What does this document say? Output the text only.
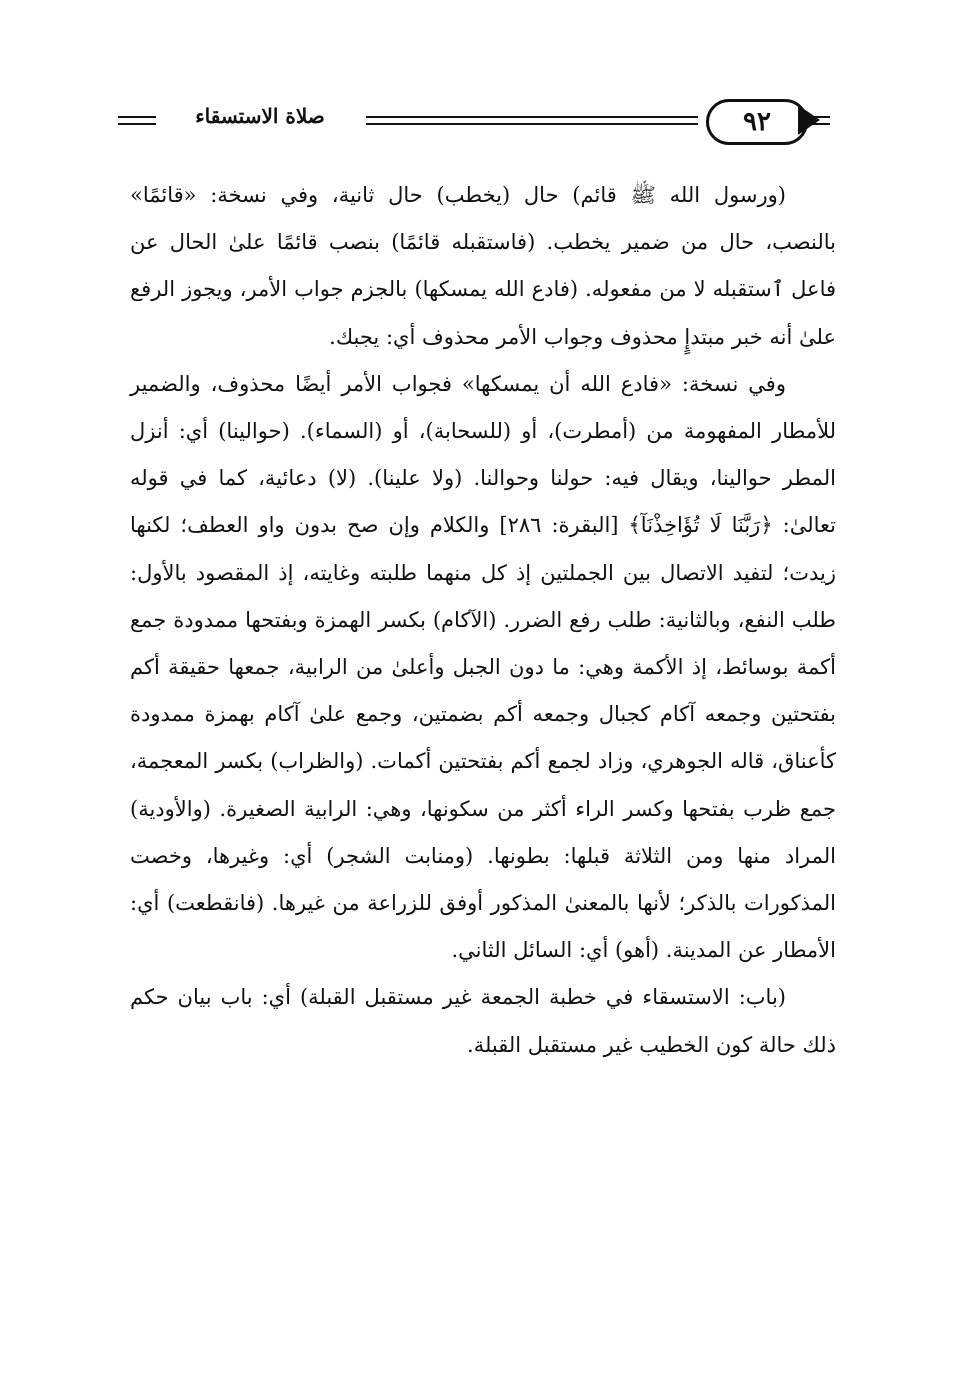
صلاة الاستسقاء	٩٢

(ورسول الله ﷺ قائم) حال (يخطب) حال ثانية، وفي نسخة: «قائمًا» بالنصب، حال من ضمير يخطب. (فاستقبله قائمًا) بنصب قائمًا علىٰ الحال عن فاعل ٱستقبله لا من مفعوله. (فادع الله يمسكها) بالجزم جواب الأمر، ويجوز الرفع علىٰ أنه خبر مبتدإٍ محذوف وجواب الأمر محذوف أي: يجبك.

وفي نسخة: «فادع الله أن يمسكها» فجواب الأمر أيضًا محذوف، والضمير للأمطار المفهومة من (أمطرت)، أو (للسحابة)، أو (السماء). (حوالينا) أي: أنزل المطر حوالينا، ويقال فيه: حولنا وحوالنا. (ولا علينا). (لا) دعائية، كما في قوله تعالىٰ: ﴿رَبَّنَا لَا تُؤَاخِذْنَآ﴾ [البقرة: ٢٨٦] والكلام وإن صح بدون واو العطف؛ لكنها زيدت؛ لتفيد الاتصال بين الجملتين إذ كل منهما طلبته وغايته، إذ المقصود بالأول: طلب النفع، وبالثانية: طلب رفع الضرر. (الآكام) بكسر الهمزة وبفتحها ممدودة جمع أكمة بوسائط، إذ الأكمة وهي: ما دون الجبل وأعلىٰ من الرابية، جمعها حقيقة أكم بفتحتين وجمعه آكام كجبال وجمعه أكم بضمتين، وجمع علىٰ آكام بهمزة ممدودة كأعناق، قاله الجوهري، وزاد لجمع أكم بفتحتين أكمات. (والظراب) بكسر المعجمة، جمع ظرب بفتحها وكسر الراء أكثر من سكونها، وهي: الرابية الصغيرة. (والأودية) المراد منها ومن الثلاثة قبلها: بطونها. (ومنابت الشجر) أي: وغيرها، وخصت المذكورات بالذكر؛ لأنها بالمعنىٰ المذكور أوفق للزراعة من غيرها. (فانقطعت) أي: الأمطار عن المدينة. (أهو) أي: السائل الثاني.

(باب: الاستسقاء في خطبة الجمعة غير مستقبل القبلة) أي: باب بيان حكم ذلك حالة كون الخطيب غير مستقبل القبلة.
